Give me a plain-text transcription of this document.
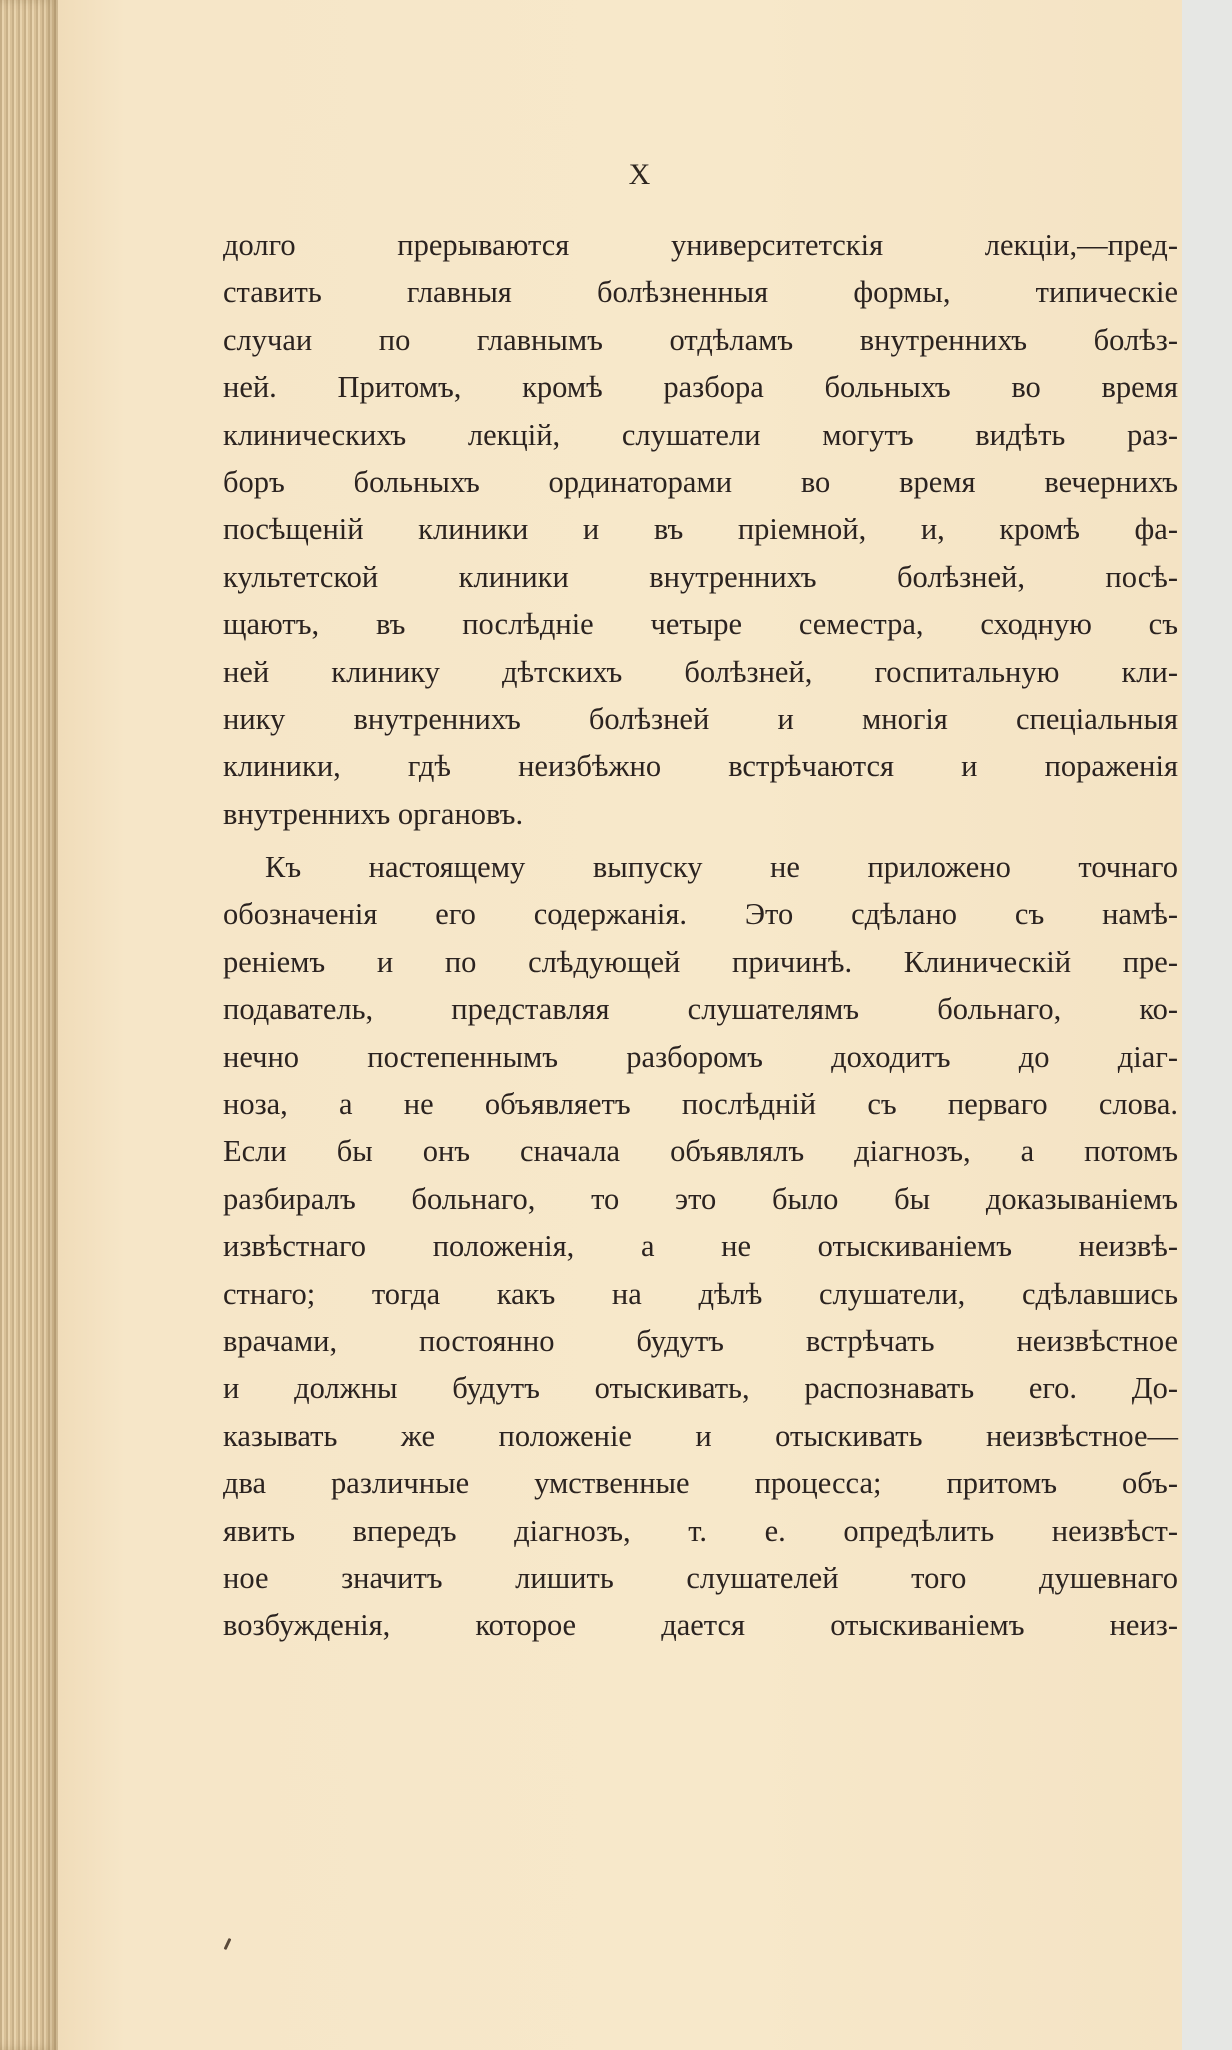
X

долго прерываются университетскія лекціи,—пред-
ставить главныя болѣзненныя формы, типическіе
случаи по главнымъ отдѣламъ внутреннихъ болѣз-
ней. Притомъ, кромѣ разбора больныхъ во время
клиническихъ лекцій, слушатели могутъ видѣть раз-
боръ больныхъ ординаторами во время вечернихъ
посѣщеній клиники и въ пріемной, и, кромѣ фа-
культетской клиники внутреннихъ болѣзней, посѣ-
щаютъ, въ послѣдніе четыре семестра, сходную съ
ней клинику дѣтскихъ болѣзней, госпитальную кли-
нику внутреннихъ болѣзней и многія спеціальныя
клиники, гдѣ неизбѣжно встрѣчаются и пораженія
внутреннихъ органовъ.

Къ настоящему выпуску не приложено точнаго
обозначенія его содержанія. Это сдѣлано съ намѣ-
реніемъ и по слѣдующей причинѣ. Клиническій пре-
подаватель, представляя слушателямъ больнаго, ко-
нечно постепеннымъ разборомъ доходитъ до діаг-
ноза, а не объявляетъ послѣдній съ перваго слова.
Если бы онъ сначала объявлялъ діагнозъ, а потомъ
разбиралъ больнаго, то это было бы доказываніемъ
извѣстнаго положенія, а не отыскиваніемъ неизвѣ-
стнаго; тогда какъ на дѣлѣ слушатели, сдѣлавшись
врачами, постоянно будутъ встрѣчать неизвѣстное
и должны будутъ отыскивать, распознавать его. До-
казывать же положеніе и отыскивать неизвѣстное—
два различные умственные процесса; притомъ объ-
явить впередъ діагнозъ, т. е. опредѣлить неизвѣст-
ное значитъ лишить слушателей того душевнаго
возбужденія, которое дается отыскиваніемъ неиз-
